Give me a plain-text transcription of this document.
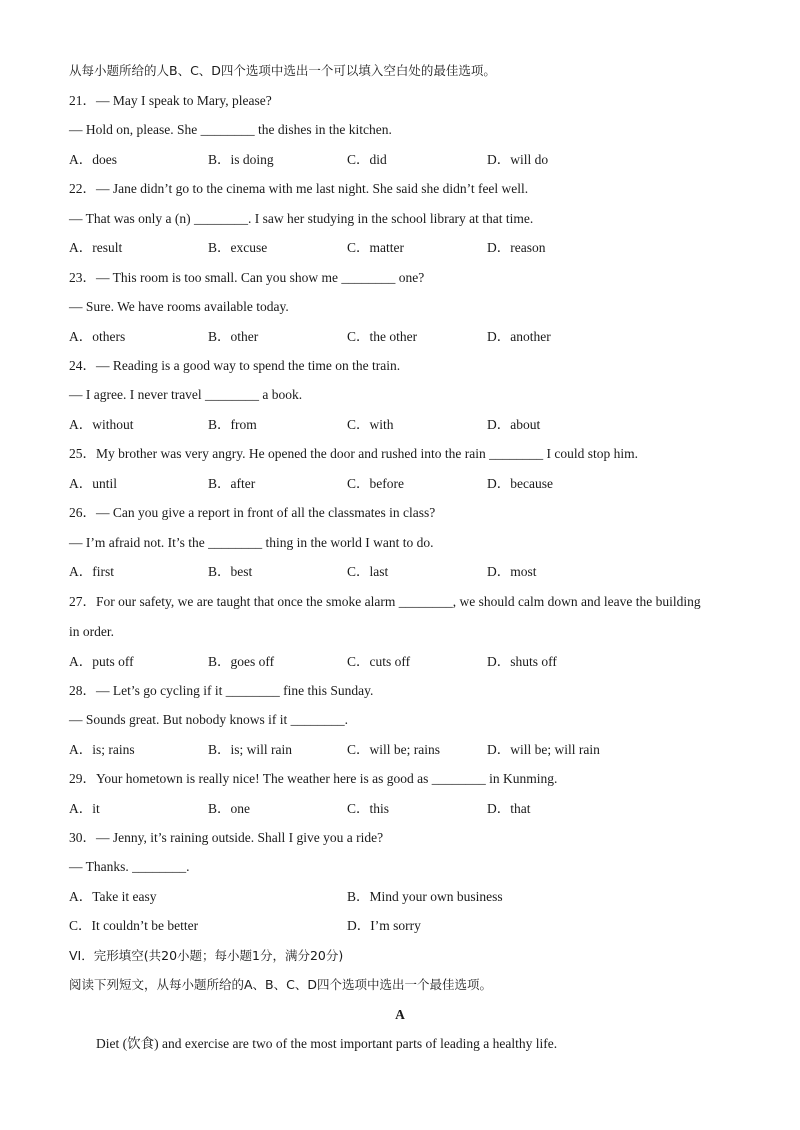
从每小题所给的人B、C、D四个选项中选出一个可以填入空白处的最佳选项。
21．— May I speak to Mary, please?
— Hold on, please. She ________ the dishes in the kitchen.
A．does	B．is doing	C．did	D．will do
22．— Jane didn’t go to the cinema with me last night. She said she didn’t feel well.
— That was only a (n) ________. I saw her studying in the school library at that time.
A．result	B．excuse	C．matter	D．reason
23．— This room is too small. Can you show me ________ one?
— Sure. We have rooms available today.
A．others	B．other	C．the other	D．another
24．— Reading is a good way to spend the time on the train.
— I agree. I never travel ________ a book.
A．without	B．from	C．with	D．about
25．My brother was very angry. He opened the door and rushed into the rain ________ I could stop him.
A．until	B．after	C．before	D．because
26．— Can you give a report in front of all the classmates in class?
— I’m afraid not. It’s the ________ thing in the world I want to do.
A．first	B．best	C．last	D．most
27．For our safety, we are taught that once the smoke alarm ________, we should calm down and leave the building
in order.
A．puts off	B．goes off	C．cuts off	D．shuts off
28．— Let’s go cycling if it ________ fine this Sunday.
— Sounds great. But nobody knows if it ________.
A．is; rains	B．is; will rain	C．will be; rains	D．will be; will rain
29．Your hometown is really nice! The weather here is as good as ________ in Kunming.
A．it	B．one	C．this	D．that
30．— Jenny, it’s raining outside. Shall I give you a ride?
— Thanks. ________.
A．Take it easy	B．Mind your own business
C．It couldn’t be better	D．I’m sorry
VI．完形填空(共20小题；每小题1分，满分20分)
阅读下列短文，从每小题所给的A、B、C、D四个选项中选出一个最佳选项。
A
Diet (饮食) and exercise are two of the most important parts of leading a healthy life.
